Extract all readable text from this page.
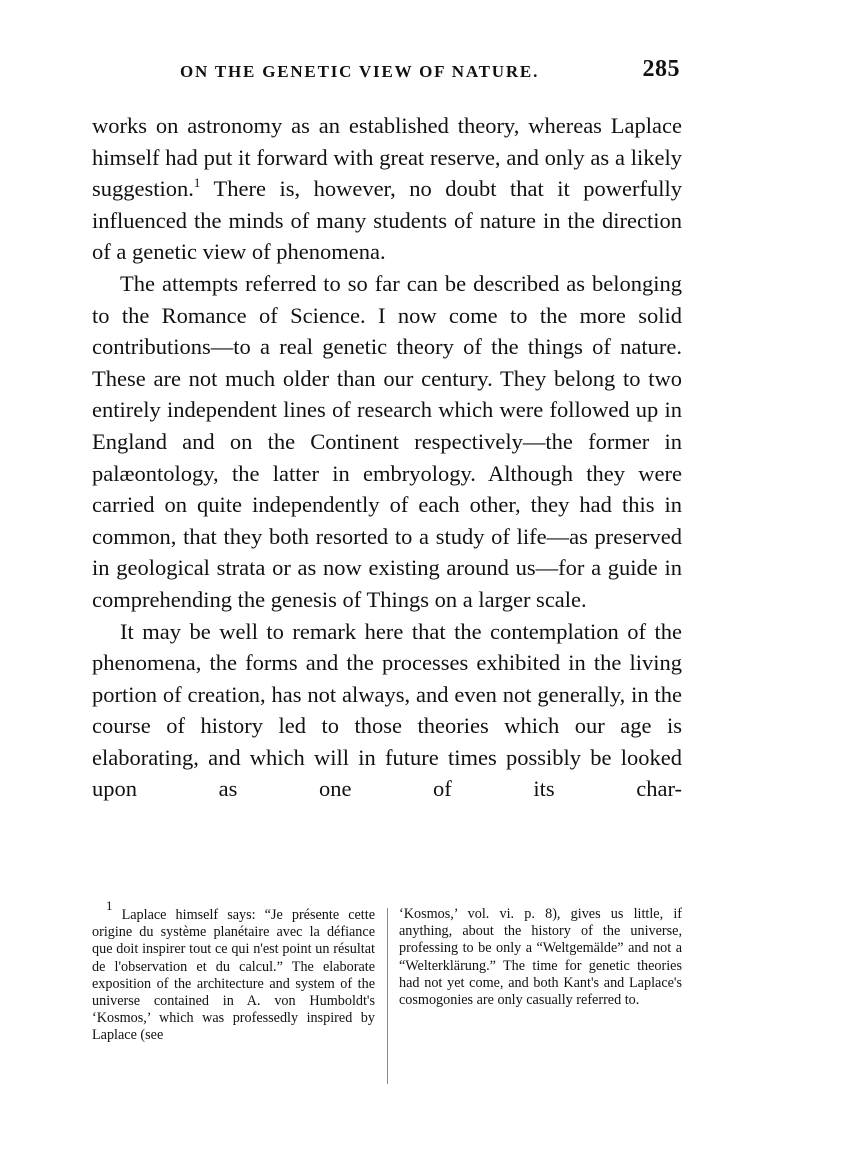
ON THE GENETIC VIEW OF NATURE.	285

works on astronomy as an established theory, whereas Laplace himself had put it forward with great reserve, and only as a likely suggestion.$^1$ There is, however, no doubt that it powerfully influenced the minds of many students of nature in the direction of a genetic view of phenomena.

The attempts referred to so far can be described as belonging to the Romance of Science. I now come to the more solid contributions—to a real genetic theory of the things of nature. These are not much older than our century. They belong to two entirely independent lines of research which were followed up in England and on the Continent respectively—the former in palæontology, the latter in embryology. Although they were carried on quite independently of each other, they had this in common, that they both resorted to a study of life—as preserved in geological strata or as now existing around us—for a guide in comprehending the genesis of Things on a larger scale.

It may be well to remark here that the contemplation of the phenomena, the forms and the processes exhibited in the living portion of creation, has not always, and even not generally, in the course of history led to those theories which our age is elaborating, and which will in future times possibly be looked upon as one of its char-

$^1$ Laplace himself says: “Je présente cette origine du système planétaire avec la défiance que doit inspirer tout ce qui n'est point un résultat de l'observation et du calcul.” The elaborate exposition of the architecture and system of the universe contained in A. von Humboldt's ‘Kosmos,’ which was professedly inspired by Laplace (see

‘Kosmos,’ vol. vi. p. 8), gives us little, if anything, about the history of the universe, professing to be only a “Weltgemälde” and not a “Welterklärung.” The time for genetic theories had not yet come, and both Kant's and Laplace's cosmogonies are only casually referred to.
